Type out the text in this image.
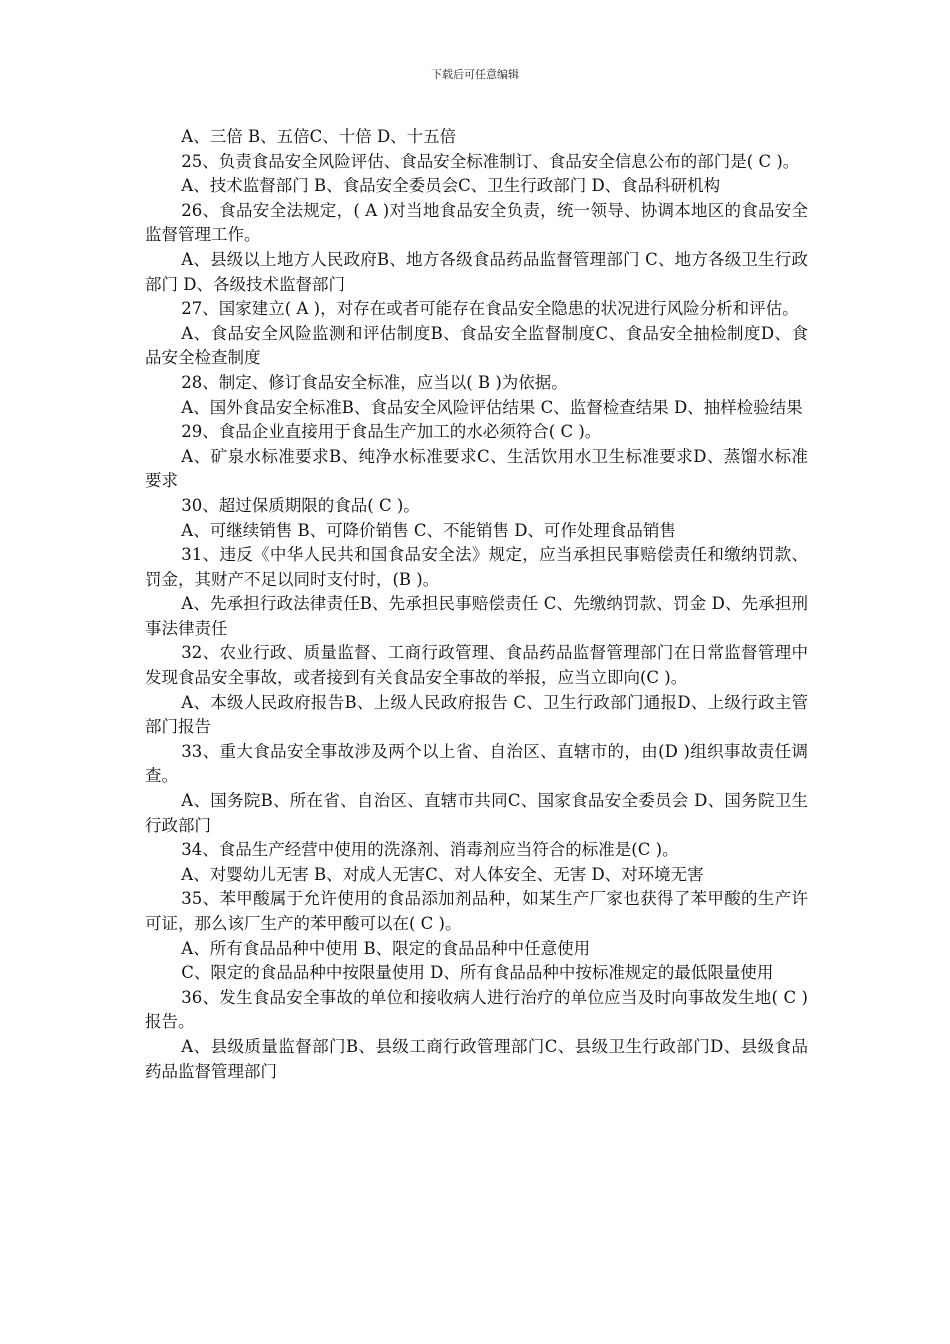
下载后可任意编辑

A、三倍 B、五倍C、十倍 D、十五倍

25、负责食品安全风险评估、食品安全标准制订、食品安全信息公布的部门是( C )。

A、技术监督部门 B、食品安全委员会C、卫生行政部门 D、食品科研机构

26、食品安全法规定，( A )对当地食品安全负责，统一领导、协调本地区的食品安全监督管理工作。

A、县级以上地方人民政府B、地方各级食品药品监督管理部门 C、地方各级卫生行政部门 D、各级技术监督部门

27、国家建立( A )，对存在或者可能存在食品安全隐患的状况进行风险分析和评估。

A、食品安全风险监测和评估制度B、食品安全监督制度C、食品安全抽检制度D、食品安全检查制度

28、制定、修订食品安全标准，应当以( B )为依据。

A、国外食品安全标准B、食品安全风险评估结果 C、监督检查结果 D、抽样检验结果

29、食品企业直接用于食品生产加工的水必须符合( C )。

A、矿泉水标准要求B、纯净水标准要求C、生活饮用水卫生标准要求D、蒸馏水标准要求

30、超过保质期限的食品( C )。

A、可继续销售 B、可降价销售 C、不能销售 D、可作处理食品销售

31、违反《中华人民共和国食品安全法》规定，应当承担民事赔偿责任和缴纳罚款、罚金，其财产不足以同时支付时，(B )。

A、先承担行政法律责任B、先承担民事赔偿责任 C、先缴纳罚款、罚金 D、先承担刑事法律责任

32、农业行政、质量监督、工商行政管理、食品药品监督管理部门在日常监督管理中发现食品安全事故，或者接到有关食品安全事故的举报，应当立即向(C )。

A、本级人民政府报告B、上级人民政府报告 C、卫生行政部门通报D、上级行政主管部门报告

33、重大食品安全事故涉及两个以上省、自治区、直辖市的，由(D )组织事故责任调查。

A、国务院B、所在省、自治区、直辖市共同C、国家食品安全委员会 D、国务院卫生行政部门

34、食品生产经营中使用的洗涤剂、消毒剂应当符合的标准是(C )。

A、对婴幼儿无害 B、对成人无害C、对人体安全、无害 D、对环境无害

35、苯甲酸属于允许使用的食品添加剂品种，如某生产厂家也获得了苯甲酸的生产许可证，那么该厂生产的苯甲酸可以在( C )。

A、所有食品品种中使用 B、限定的食品品种中任意使用

C、限定的食品品种中按限量使用 D、所有食品品种中按标准规定的最低限量使用

36、发生食品安全事故的单位和接收病人进行治疗的单位应当及时向事故发生地( C )报告。

A、县级质量监督部门B、县级工商行政管理部门C、县级卫生行政部门D、县级食品药品监督管理部门
